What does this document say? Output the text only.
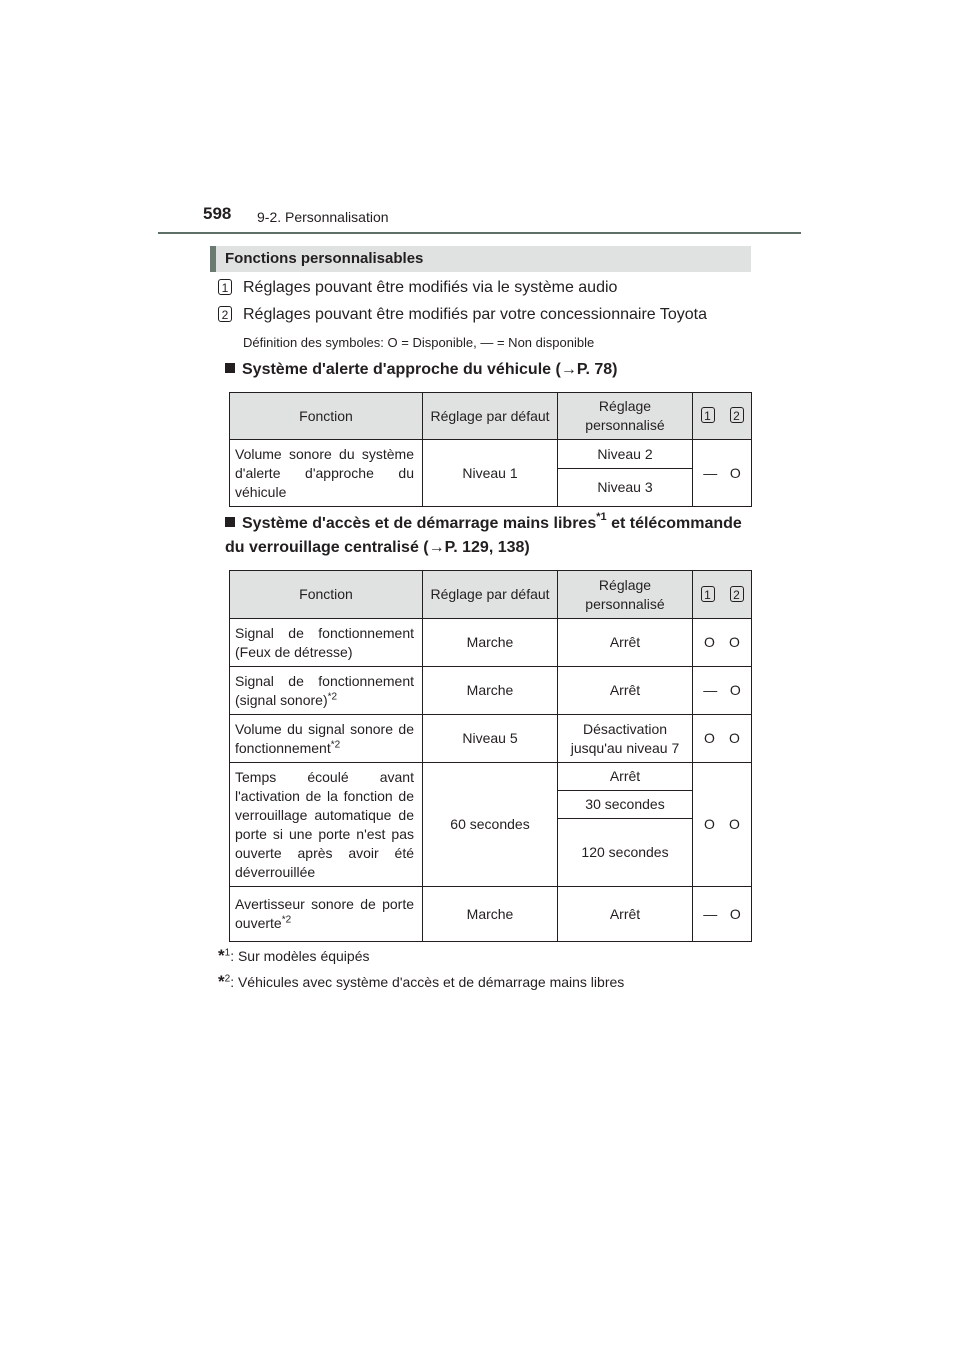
598 9-2. Personnalisation
Fonctions personnalisables
1 Réglages pouvant être modifiés via le système audio
2 Réglages pouvant être modifiés par votre concessionnaire Toyota
Définition des symboles: O = Disponible, — = Non disponible
Système d'alerte d'approche du véhicule (→P. 78)
Fonction	Réglage par défaut	Réglage personnalisé	1 2

Volume sonore du système d'alerte d'approche du véhicule	Niveau 1	Niveau 2	— O

		Niveau 3	
Système d'accès et de démarrage mains libres$^{*1}$ et télécommande du verrouillage centralisé (→P. 129, 138)
Fonction	Réglage par défaut	Réglage personnalisé	1 2

Signal de fonctionnement (Feux de détresse)	Marche	Arrêt	O O

Signal de fonctionnement (signal sonore)$^{*2}$	Marche	Arrêt	— O

Volume du signal sonore de fonctionnement$^{*2}$	Niveau 5	Désactivation jusqu'au niveau 7	O O

Temps écoulé avant l'activation de la fonction de verrouillage automatique de porte si une porte n'est pas ouverte après avoir été déverrouillée	60 secondes	Arrêt	O O

		30 secondes	
		120 secondes	
Avertisseur sonore de porte ouverte$^{*2}$	Marche	Arrêt	— O
*$^1$: Sur modèles équipés
*$^2$: Véhicules avec système d'accès et de démarrage mains libres
